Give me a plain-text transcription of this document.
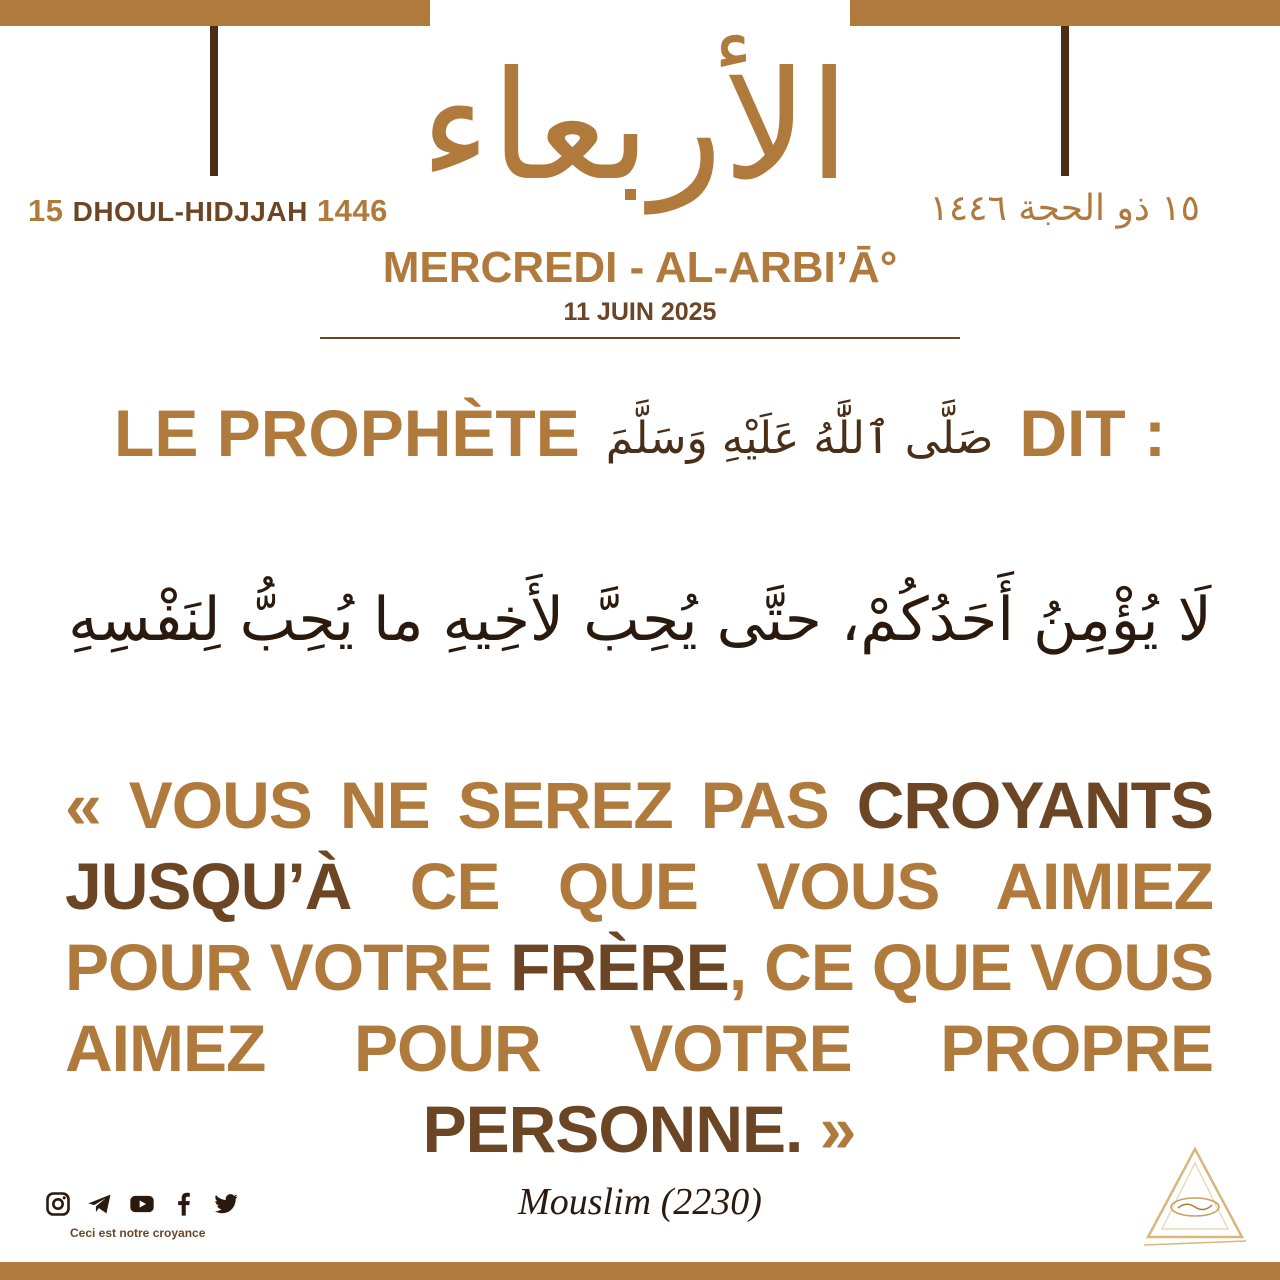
الأربعاء
15 DHOUL-HIDJJAH 1446	١٥ ذو الحجة ١٤٤٦
MERCREDI - AL-ARBI’Ā°
11 JUIN 2025
LE PROPHÈTE صَلَّى ٱللَّٰهُ عَلَيْهِ وَسَلَّمَ DIT :
لَا يُؤْمِنُ أَحَدُكُمْ، حتَّى يُحِبَّ لأَخِيهِ ما يُحِبُّ لِنَفْسِهِ
« VOUS NE SEREZ PAS CROYANTS JUSQU’À CE QUE VOUS AIMIEZ POUR VOTRE FRÈRE, CE QUE VOUS AIMEZ POUR VOTRE PROPRE PERSONNE. »
Mouslim (2230)
Ceci est notre croyance
